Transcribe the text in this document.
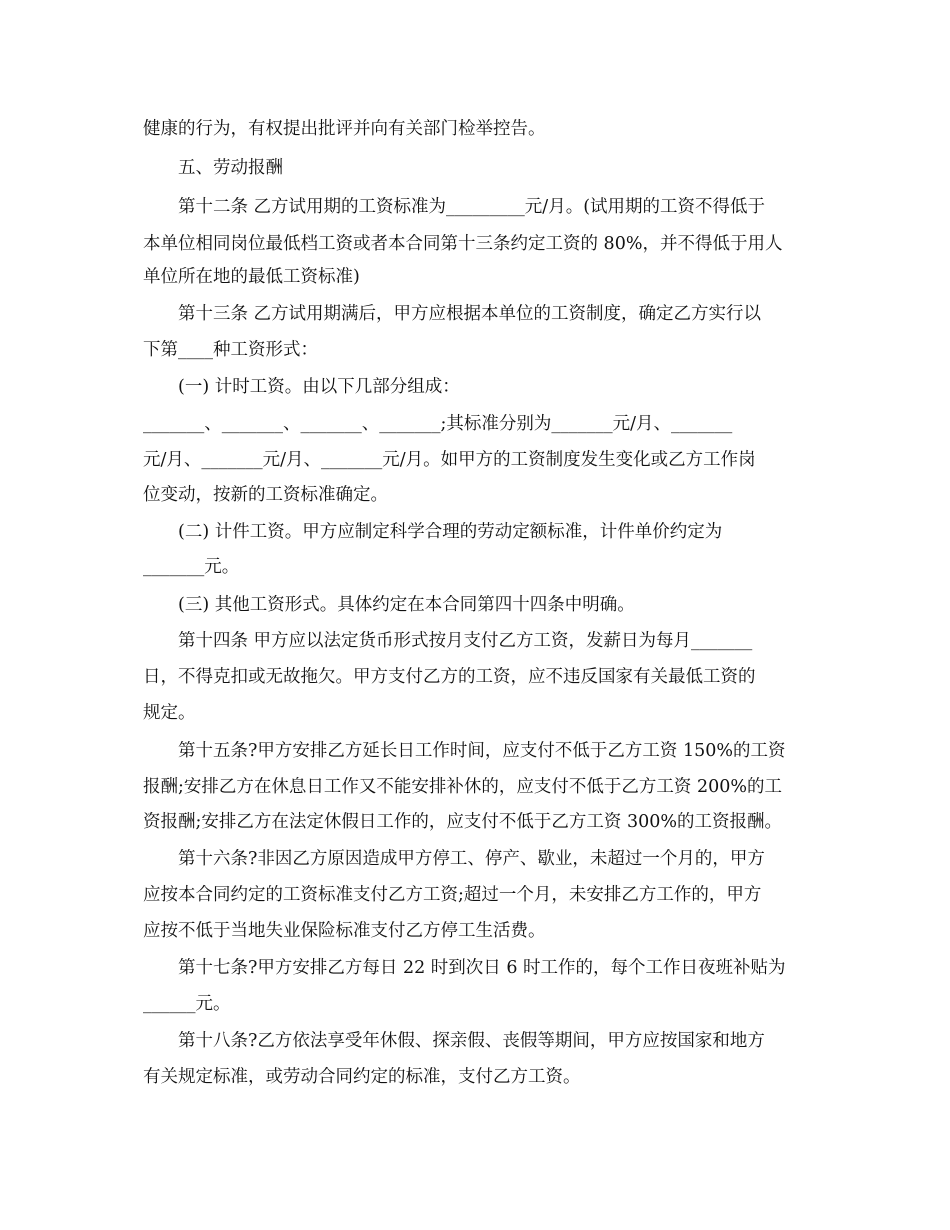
健康的行为，有权提出批评并向有关部门检举控告。
五、劳动报酬
第十二条 乙方试用期的工资标准为_________元/月。(试用期的工资不得低于
本单位相同岗位最低档工资或者本合同第十三条约定工资的 80%，并不得低于用人
单位所在地的最低工资标准)
第十三条 乙方试用期满后，甲方应根据本单位的工资制度，确定乙方实行以
下第____种工资形式：
(一) 计时工资。由以下几部分组成：
_______、_______、_______、_______;其标准分别为_______元/月、_______
元/月、_______元/月、_______元/月。如甲方的工资制度发生变化或乙方工作岗
位变动，按新的工资标准确定。
(二) 计件工资。甲方应制定科学合理的劳动定额标准，计件单价约定为
_______元。
(三) 其他工资形式。具体约定在本合同第四十四条中明确。
第十四条 甲方应以法定货币形式按月支付乙方工资，发薪日为每月_______
日，不得克扣或无故拖欠。甲方支付乙方的工资，应不违反国家有关最低工资的
规定。
第十五条?甲方安排乙方延长日工作时间，应支付不低于乙方工资 150%的工资
报酬;安排乙方在休息日工作又不能安排补休的，应支付不低于乙方工资 200%的工
资报酬;安排乙方在法定休假日工作的，应支付不低于乙方工资 300%的工资报酬。
第十六条?非因乙方原因造成甲方停工、停产、歇业，未超过一个月的，甲方
应按本合同约定的工资标准支付乙方工资;超过一个月，未安排乙方工作的，甲方
应按不低于当地失业保险标准支付乙方停工生活费。
第十七条?甲方安排乙方每日 22 时到次日 6 时工作的，每个工作日夜班补贴为
______元。
第十八条?乙方依法享受年休假、探亲假、丧假等期间，甲方应按国家和地方
有关规定标准，或劳动合同约定的标准，支付乙方工资。
